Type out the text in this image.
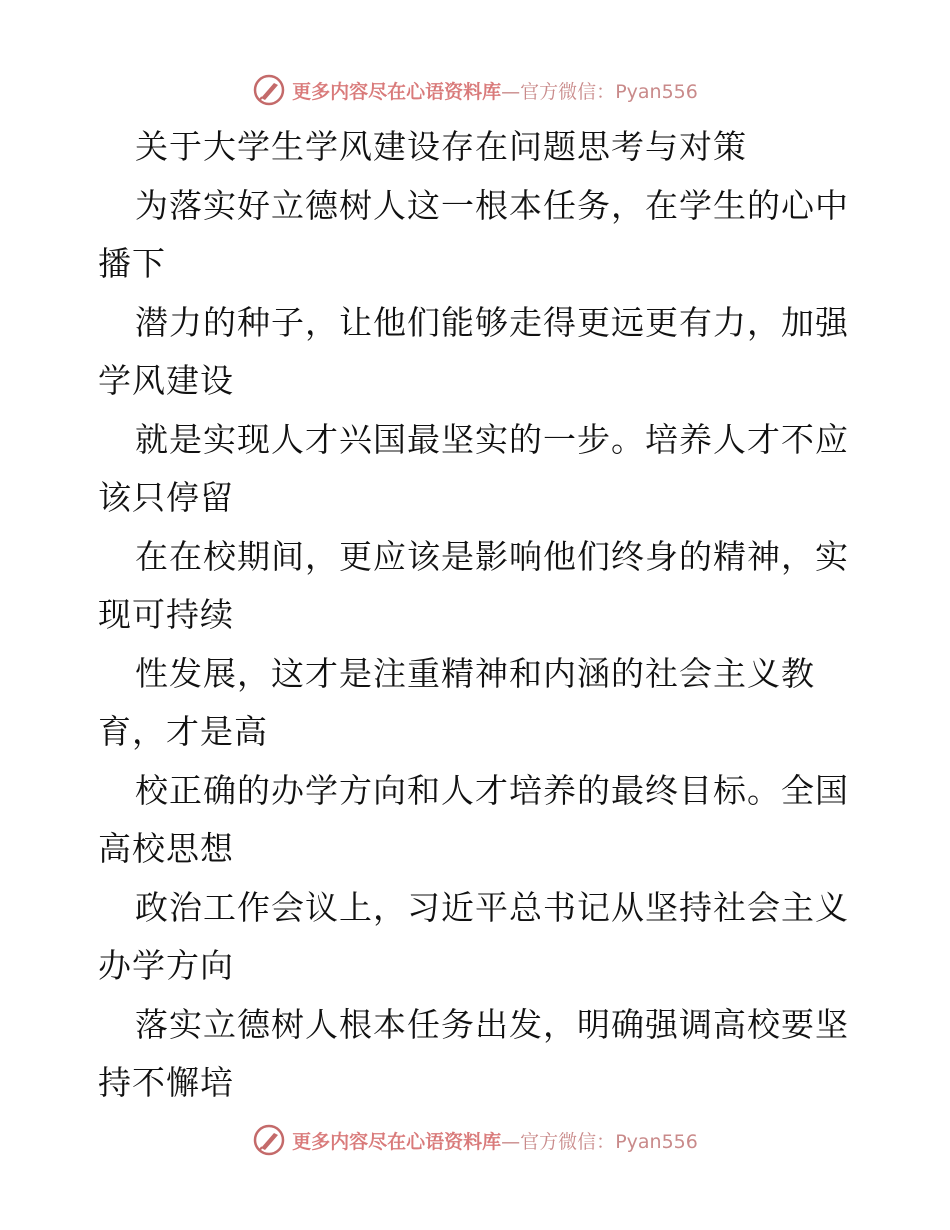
更多内容尽在心语资料库—官方微信：Pyan556
关于大学生学风建设存在问题思考与对策
为落实好立德树人这一根本任务，在学生的心中
播下
潜力的种子，让他们能够走得更远更有力，加强
学风建设
就是实现人才兴国最坚实的一步。培养人才不应
该只停留
在在校期间，更应该是影响他们终身的精神，实
现可持续
性发展，这才是注重精神和内涵的社会主义教
育，才是高
校正确的办学方向和人才培养的最终目标。全国
高校思想
政治工作会议上，习近平总书记从坚持社会主义
办学方向
落实立德树人根本任务出发，明确强调高校要坚
持不懈培
更多内容尽在心语资料库—官方微信：Pyan556
